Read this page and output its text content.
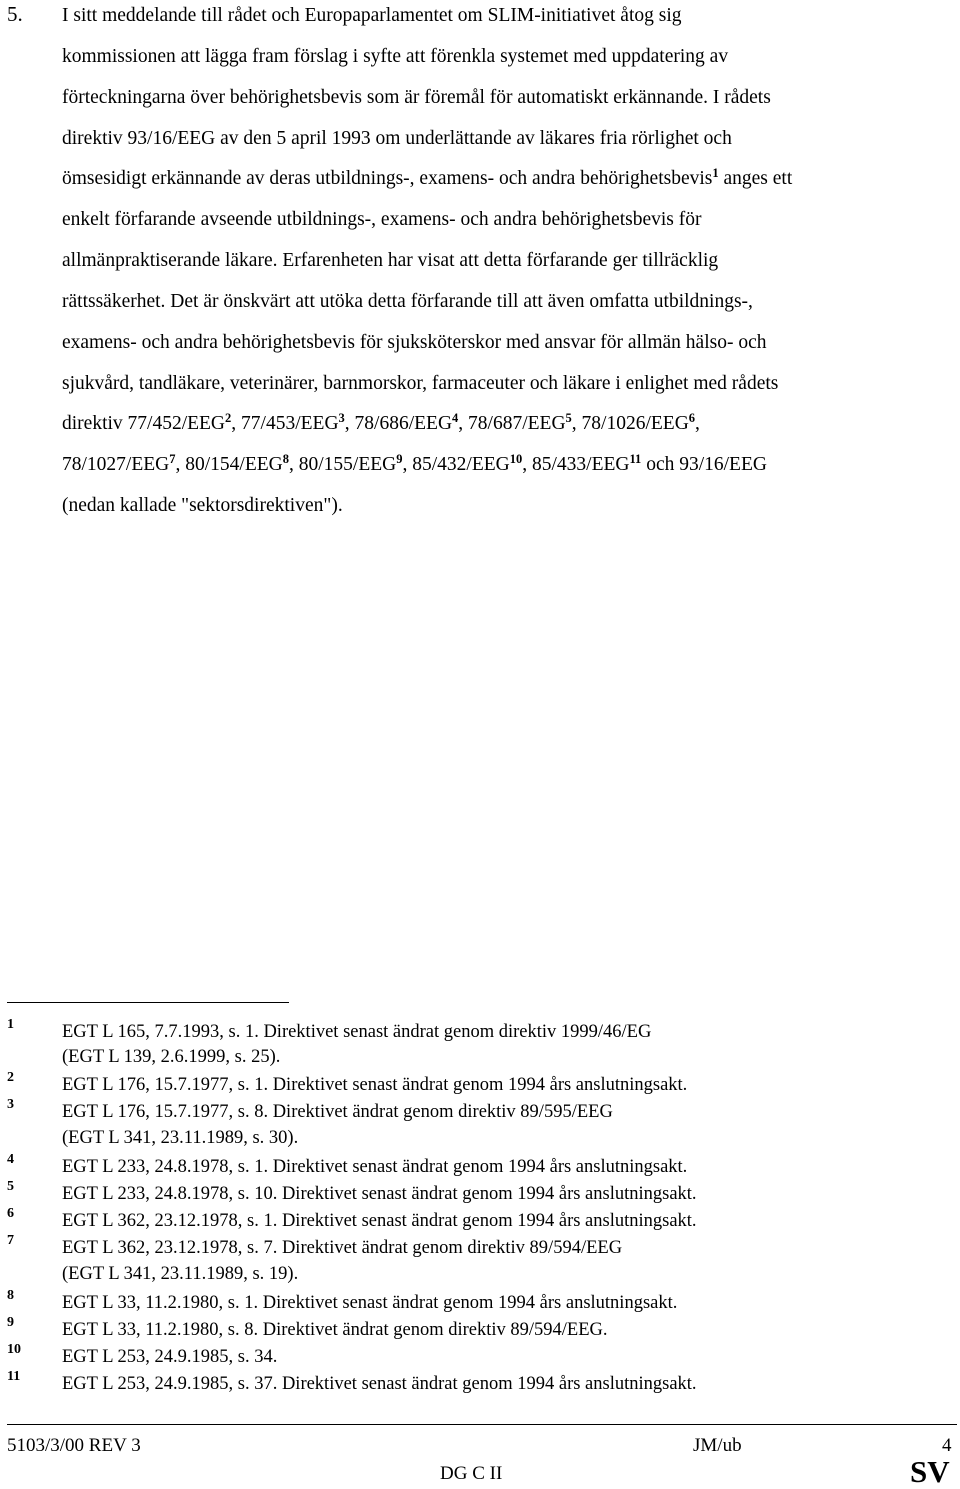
5. I sitt meddelande till rådet och Europaparlamentet om SLIM-initiativet åtog sig
kommissionen att lägga fram förslag i syfte att förenkla systemet med uppdatering av
förteckningarna över behörighetsbevis som är föremål för automatiskt erkännande. I rådets
direktiv 93/16/EEG av den 5 april 1993 om underlättande av läkares fria rörlighet och
ömsesidigt erkännande av deras utbildnings-, examens- och andra behörighetsbevis$^1$ anges ett
enkelt förfarande avseende utbildnings-, examens- och andra behörighetsbevis för
allmänpraktiserande läkare. Erfarenheten har visat att detta förfarande ger tillräcklig
rättssäkerhet. Det är önskvärt att utöka detta förfarande till att även omfatta utbildnings-,
examens- och andra behörighetsbevis för sjuksköterskor med ansvar för allmän hälso- och
sjukvård, tandläkare, veterinärer, barnmorskor, farmaceuter och läkare i enlighet med rådets
direktiv 77/452/EEG$^2$, 77/453/EEG$^3$, 78/686/EEG$^4$, 78/687/EEG$^5$, 78/1026/EEG$^6$,
78/1027/EEG$^7$, 80/154/EEG$^8$, 80/155/EEG$^9$, 85/432/EEG$^{10}$, 85/433/EEG$^{11}$ och 93/16/EEG
(nedan kallade "sektorsdirektiven").
1	EGT L 165, 7.7.1993, s. 1. Direktivet senast ändrat genom direktiv 1999/46/EG
(EGT L 139, 2.6.1999, s. 25).
2	EGT L 176, 15.7.1977, s. 1. Direktivet senast ändrat genom 1994 års anslutningsakt.
3	EGT L 176, 15.7.1977, s. 8. Direktivet ändrat genom direktiv 89/595/EEG
(EGT L 341, 23.11.1989, s. 30).
4	EGT L 233, 24.8.1978, s. 1. Direktivet senast ändrat genom 1994 års anslutningsakt.
5	EGT L 233, 24.8.1978, s. 10. Direktivet senast ändrat genom 1994 års anslutningsakt.
6	EGT L 362, 23.12.1978, s. 1. Direktivet senast ändrat genom 1994 års anslutningsakt.
7	EGT L 362, 23.12.1978, s. 7. Direktivet ändrat genom direktiv 89/594/EEG
(EGT L 341, 23.11.1989, s. 19).
8	EGT L 33, 11.2.1980, s. 1. Direktivet senast ändrat genom 1994 års anslutningsakt.
9	EGT L 33, 11.2.1980, s. 8. Direktivet ändrat genom direktiv 89/594/EEG.
10 EGT L 253, 24.9.1985, s. 34.
11 EGT L 253, 24.9.1985, s. 37. Direktivet senast ändrat genom 1994 års anslutningsakt.
5103/3/00 REV 3	JM/ub	4
DG C II	SV
